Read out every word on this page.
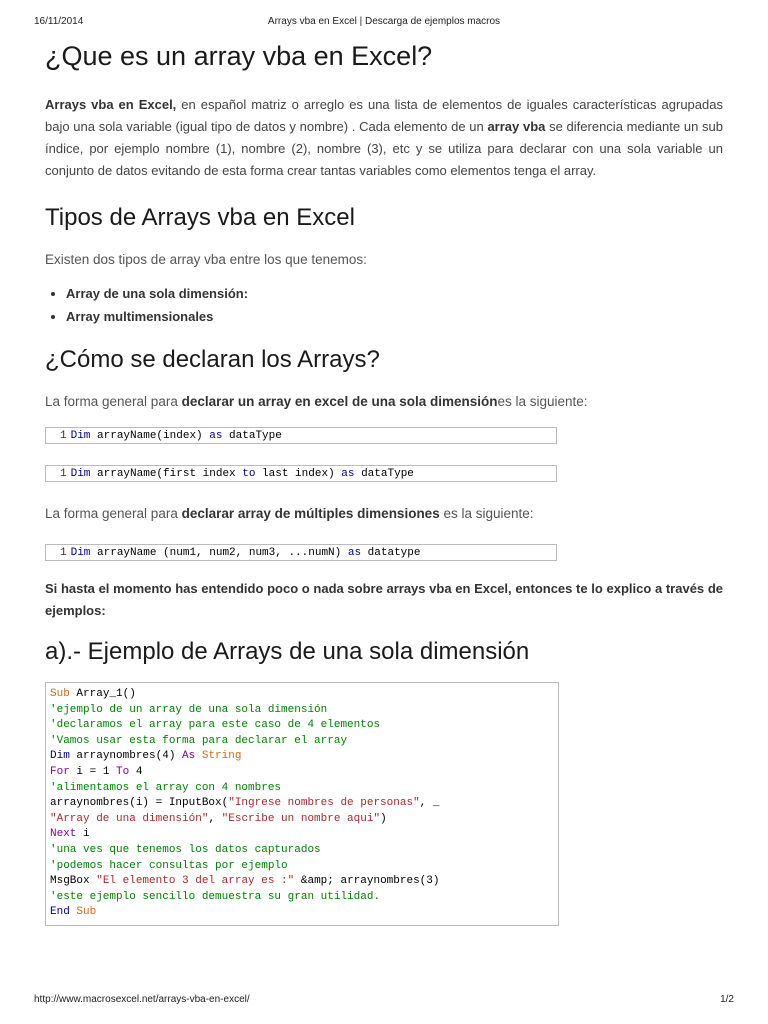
16/11/2014	Arrays vba en Excel | Descarga de ejemplos macros
¿Que es un array vba en Excel?

Arrays vba en Excel, en español matriz o arreglo es una lista de elementos de iguales características agrupadas bajo una sola variable (igual tipo de datos y nombre) . Cada elemento de un array vba se diferencia mediante un sub índice, por ejemplo nombre (1), nombre (2), nombre (3), etc y se utiliza para declarar con una sola variable un conjunto de datos evitando de esta forma crear tantas variables como elementos tenga el array.

Tipos de Arrays vba en Excel

Existen dos tipos de array vba entre los que tenemos:

• Array de una sola dimensión:
• Array multimensionales
¿Cómo se declaran los Arrays?

La forma general para declarar un array en excel de una sola dimensiónes la siguiente:

1 Dim arrayName(index) as dataType
1 Dim arrayName(first index to last index) as dataType

La forma general para declarar array de múltiples dimensiones es la siguiente:

1 Dim arrayName (num1, num2, num3, ...numN) as datatype

Si hasta el momento has entendido poco o nada sobre arrays vba en Excel, entonces te lo explico a través de ejemplos:

a).- Ejemplo de Arrays de una sola dimensión
Sub Array_1()
'ejemplo de un array de una sola dimensión
'declaramos el array para este caso de 4 elementos
'Vamos usar esta forma para declarar el array
Dim arraynombres(4) As String
For i = 1 To 4
'alimentamos el array con 4 nombres
arraynombres(i) = InputBox("Ingrese nombres de personas", _
"Array de una dimensión", "Escribe un nombre aqui")
Next i
'una ves que tenemos los datos capturados
'podemos hacer consultas por ejemplo
MsgBox "El elemento 3 del array es :" &amp; arraynombres(3)
'este ejemplo sencillo demuestra su gran utilidad.
End Sub
http://www.macrosexcel.net/arrays-vba-en-excel/	1/2
